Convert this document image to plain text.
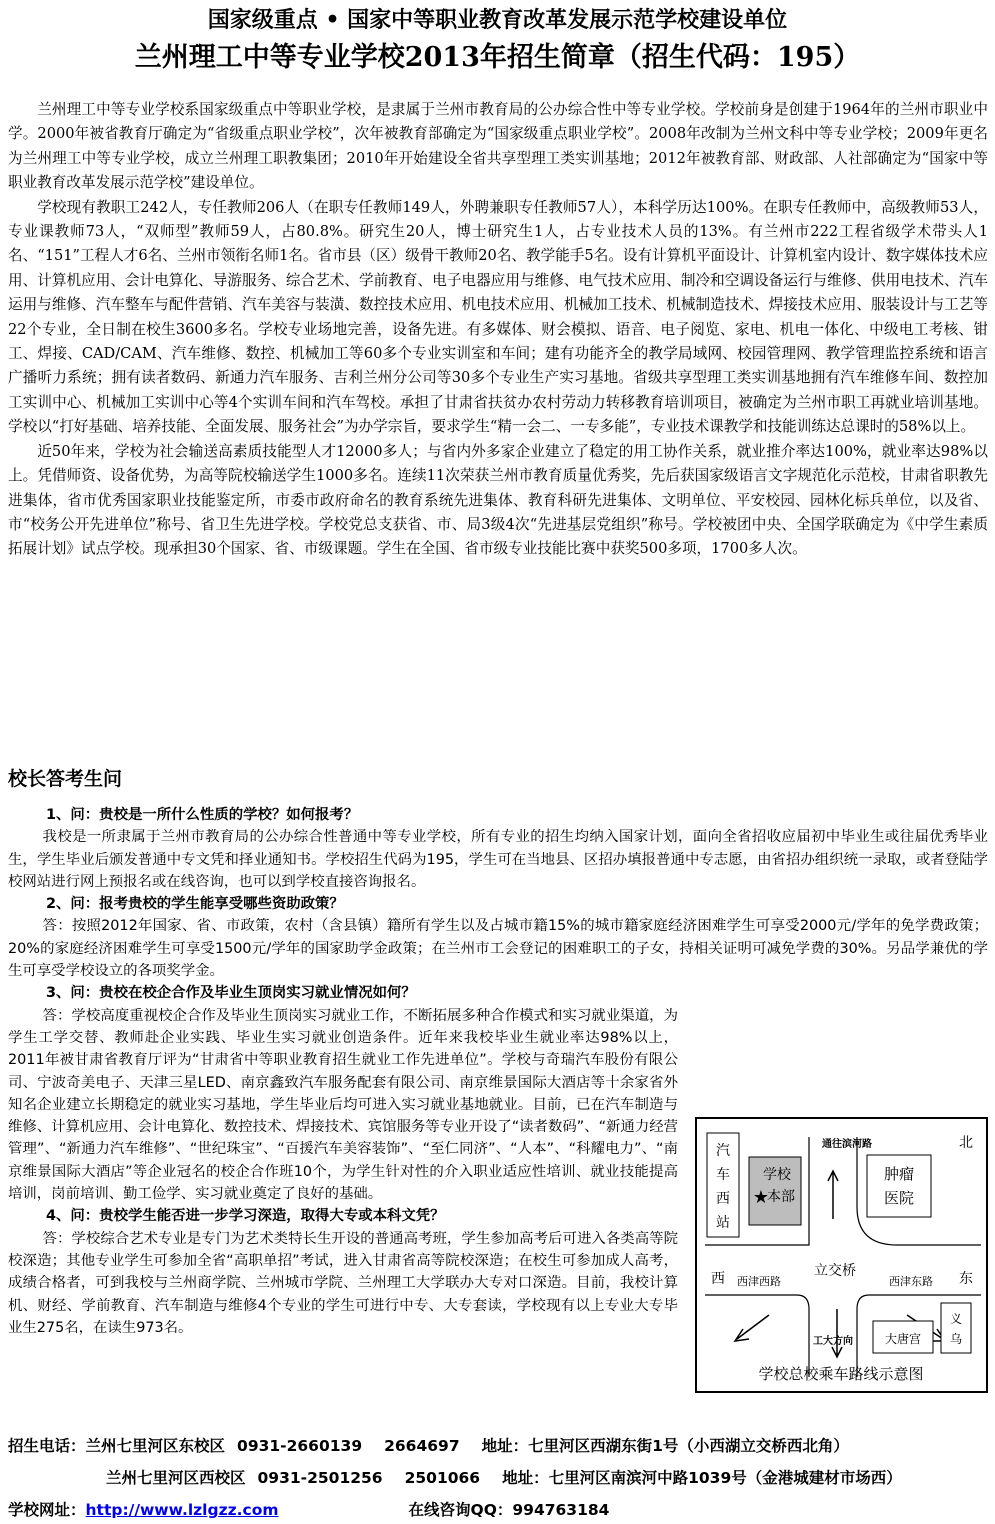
国家级重点 • 国家中等职业教育改革发展示范学校建设单位
兰州理工中等专业学校2013年招生简章（招生代码：195）

兰州理工中等专业学校系国家级重点中等职业学校，是隶属于兰州市教育局的公办综合性中等专业学校。学校前身是创建于1964年的兰州市职业中学。2000年被省教育厅确定为“省级重点职业学校”，次年被教育部确定为“国家级重点职业学校”。2008年改制为兰州文科中等专业学校；2009年更名为兰州理工中等专业学校，成立兰州理工职教集团；2010年开始建设全省共享型理工类实训基地；2012年被教育部、财政部、人社部确定为“国家中等职业教育改革发展示范学校”建设单位。

学校现有教职工242人，专任教师206人（在职专任教师149人，外聘兼职专任教师57人），本科学历达100%。在职专任教师中，高级教师53人，专业课教师73人，“双师型”教师59人，占80.8%。研究生20人，博士研究生1人，占专业技术人员的13%。有兰州市222工程省级学术带头人1名、“151”工程人才6名、兰州市领衔名师1名。省市县（区）级骨干教师20名、教学能手5名。设有计算机平面设计、计算机室内设计、数字媒体技术应用、计算机应用、会计电算化、导游服务、综合艺术、学前教育、电子电器应用与维修、电气技术应用、制冷和空调设备运行与维修、供用电技术、汽车运用与维修、汽车整车与配件营销、汽车美容与装潢、数控技术应用、机电技术应用、机械加工技术、机械制造技术、焊接技术应用、服装设计与工艺等22个专业，全日制在校生3600多名。学校专业场地完善，设备先进。有多媒体、财会模拟、语音、电子阅览、家电、机电一体化、中级电工考核、钳工、焊接、CAD/CAM、汽车维修、数控、机械加工等60多个专业实训室和车间；建有功能齐全的教学局域网、校园管理网、教学管理监控系统和语言广播听力系统；拥有读者数码、新通力汽车服务、吉利兰州分公司等30多个专业生产实习基地。省级共享型理工类实训基地拥有汽车维修车间、数控加工实训中心、机械加工实训中心等4个实训车间和汽车驾校。承担了甘肃省扶贫办农村劳动力转移教育培训项目，被确定为兰州市职工再就业培训基地。学校以“打好基础、培养技能、全面发展、服务社会”为办学宗旨，要求学生“精一会二、一专多能”，专业技术课教学和技能训练达总课时的58%以上。

近50年来，学校为社会输送高素质技能型人才12000多人；与省内外多家企业建立了稳定的用工协作关系，就业推介率达100%，就业率达98%以上。凭借师资、设备优势，为高等院校输送学生1000多名。连续11次荣获兰州市教育质量优秀奖，先后获国家级语言文字规范化示范校，甘肃省职教先进集体，省市优秀国家职业技能鉴定所，市委市政府命名的教育系统先进集体、教育科研先进集体、文明单位、平安校园、园林化标兵单位，以及省、市“校务公开先进单位”称号、省卫生先进学校。学校党总支获省、市、局3级4次“先进基层党组织”称号。学校被团中央、全国学联确定为《中学生素质拓展计划》试点学校。现承担30个国家、省、市级课题。学生在全国、省市级专业技能比赛中获奖500多项，1700多人次。

校长答考生问

1、问：贵校是一所什么性质的学校？如何报考？

我校是一所隶属于兰州市教育局的公办综合性普通中等专业学校，所有专业的招生均纳入国家计划，面向全省招收应届初中毕业生或往届优秀毕业生，学生毕业后颁发普通中专文凭和择业通知书。学校招生代码为195，学生可在当地县、区招办填报普通中专志愿，由省招办组织统一录取，或者登陆学校网站进行网上预报名或在线咨询，也可以到学校直接咨询报名。

2、问：报考贵校的学生能享受哪些资助政策？

答：按照2012年国家、省、市政策，农村（含县镇）籍所有学生以及占城市籍15%的城市籍家庭经济困难学生可享受2000元/学年的免学费政策；20%的家庭经济困难学生可享受1500元/学年的国家助学金政策；在兰州市工会登记的困难职工的子女，持相关证明可减免学费的30%。另品学兼优的学生可享受学校设立的各项奖学金。

3、问：贵校在校企合作及毕业生顶岗实习就业情况如何？

答：学校高度重视校企合作及毕业生顶岗实习就业工作，不断拓展多种合作模式和实习就业渠道，为学生工学交替、教师赴企业实践、毕业生实习就业创造条件。近年来我校毕业生就业率达98%以上，2011年被甘肃省教育厅评为“甘肃省中等职业教育招生就业工作先进单位”。学校与奇瑞汽车股份有限公司、宁波奇美电子、天津三星LED、南京鑫致汽车服务配套有限公司、南京维景国际大酒店等十余家省外知名企业建立长期稳定的就业实习基地，学生毕业后均可进入实习就业基地就业。目前，已在汽车制造与维修、计算机应用、会计电算化、数控技术、焊接技术、宾馆服务等专业开设了“读者数码”、“新通力经营管理”、“新通力汽车维修”、“世纪珠宝”、“百援汽车美容装饰”、“至仁同济”、“人本”、“科耀电力”、“南京维景国际大酒店”等企业冠名的校企合作班10个，为学生针对性的介入职业适应性培训、就业技能提高培训，岗前培训、勤工俭学、实习就业奠定了良好的基础。

4、问：贵校学生能否进一步学习深造，取得大专或本科文凭？

答：学校综合艺术专业是专门为艺术类特长生开设的普通高考班，学生参加高考后可进入各类高等院校深造；其他专业学生可参加全省“高职单招”考试，进入甘肃省高等院校深造；在校生可参加成人高考，成绩合格者，可到我校与兰州商学院、兰州城市学院、兰州理工大学联办大专对口深造。目前，我校计算机、财经、学前教育、汽车制造与维修4个专业的学生可进行中专、大专套读，学校现有以上专业大专毕业生275名，在读生973名。

汽
车
西
站
学校
本部
★
肿瘤
医院
通往滨河路	北
立交桥
西 西津西路	西津东路 东
工大方向	大唐宫
义
乌
学校总校乘车路线示意图
招生电话：兰州七里河区东校区 0931-2660139 2664697 地址：七里河区西湖东街1号（小西湖立交桥西北角）
兰州七里河区西校区 0931-2501256 2501066 地址：七里河区南滨河中路1039号（金港城建材市场西）
学校网址：http://www.lzlgzz.com	在线咨询QQ：994763184
